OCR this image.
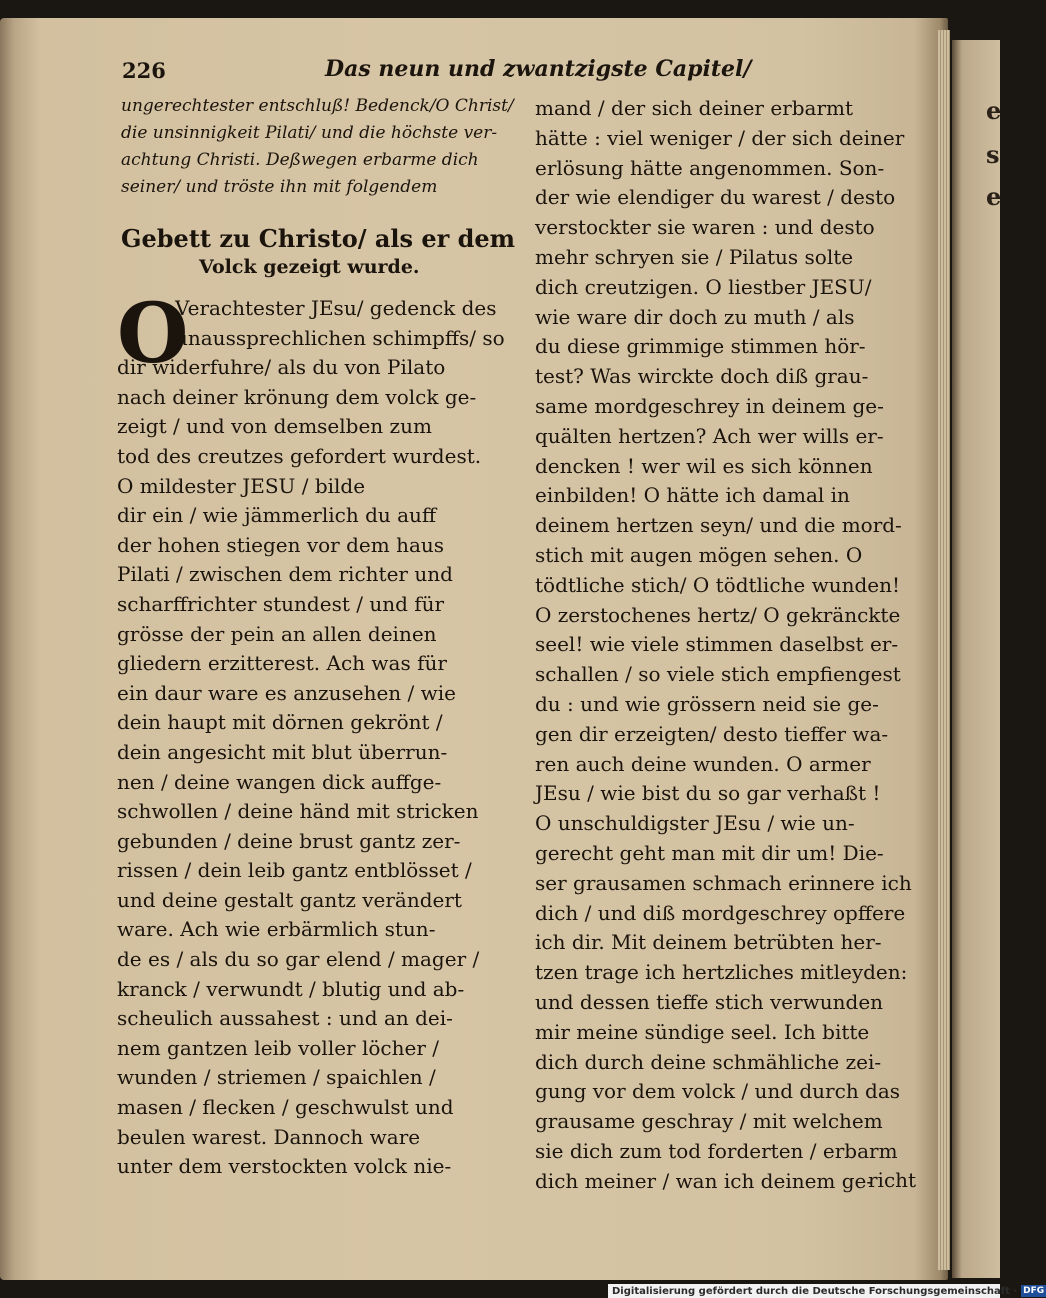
e
s
e
226	Das neun und zwantzigste Capitel/
ungerechtester entschluß! Bedenck/O Christ/
die unsinnigkeit Pilati/ und die höchste ver-
achtung Christi. Deßwegen erbarme dich
seiner/ und tröste ihn mit folgendem
Gebett zu Christo/ als er dem
Volck gezeigt wurde.
O
Verachtester JEsu/ gedenck des
unaussprechlichen schimpffs/ so
dir widerfuhre/ als du von Pilato
nach deiner krönung dem volck ge-
zeigt / und von demselben zum
tod des creutzes gefordert wurdest.
O mildester JESU / bilde
dir ein / wie jämmerlich du auff
der hohen stiegen vor dem haus
Pilati / zwischen dem richter und
scharffrichter stundest / und für
grösse der pein an allen deinen
gliedern erzitterest. Ach was für
ein daur ware es anzusehen / wie
dein haupt mit dörnen gekrönt /
dein angesicht mit blut überrun-
nen / deine wangen dick auffge-
schwollen / deine händ mit stricken
gebunden / deine brust gantz zer-
rissen / dein leib gantz entblösset /
und deine gestalt gantz verändert
ware. Ach wie erbärmlich stun-
de es / als du so gar elend / mager /
kranck / verwundt / blutig und ab-
scheulich aussahest : und an dei-
nem gantzen leib voller löcher /
wunden / striemen / spaichlen /
masen / flecken / geschwulst und
beulen warest. Dannoch ware
unter dem verstockten volck nie-
mand / der sich deiner erbarmt
hätte : viel weniger / der sich deiner
erlösung hätte angenommen. Son-
der wie elendiger du warest / desto
verstockter sie waren : und desto
mehr schryen sie / Pilatus solte
dich creutzigen. O liestber JESU/
wie ware dir doch zu muth / als
du diese grimmige stimmen hör-
test? Was wirckte doch diß grau-
same mordgeschrey in deinem ge-
quälten hertzen? Ach wer wills er-
dencken ! wer wil es sich können
einbilden! O hätte ich damal in
deinem hertzen seyn/ und die mord-
stich mit augen mögen sehen. O
tödtliche stich/ O tödtliche wunden!
O zerstochenes hertz/ O gekränckte
seel! wie viele stimmen daselbst er-
schallen / so viele stich empfiengest
du : und wie grössern neid sie ge-
gen dir erzeigten/ desto tieffer wa-
ren auch deine wunden. O armer
JEsu / wie bist du so gar verhaßt !
O unschuldigster JEsu / wie un-
gerecht geht man mit dir um! Die-
ser grausamen schmach erinnere ich
dich / und diß mordgeschrey opffere
ich dir. Mit deinem betrübten her-
tzen trage ich hertzliches mitleyden:
und dessen tieffe stich verwunden
mir meine sündige seel. Ich bitte
dich durch deine schmähliche zei-
gung vor dem volck / und durch das
grausame geschray / mit welchem
sie dich zum tod forderten / erbarm
dich meiner / wan ich deinem ge-
richt
Digitalisierung gefördert durch die Deutsche Forschungsgemeinschaft · DFG
